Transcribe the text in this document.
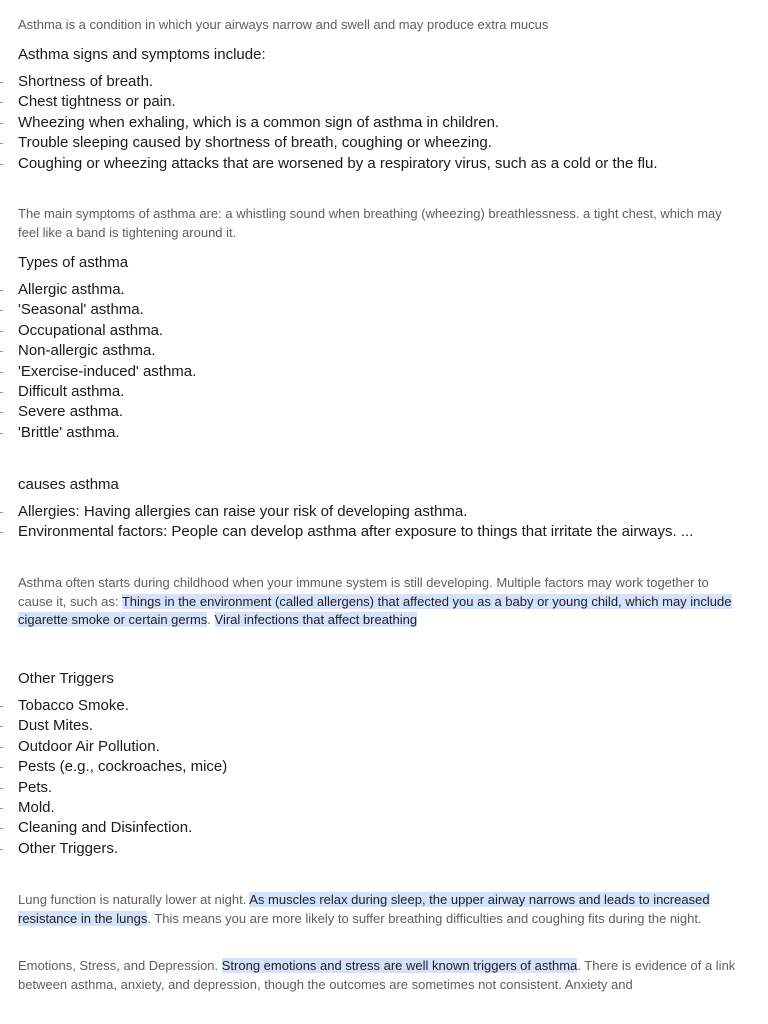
Asthma is a condition in which your airways narrow and swell and may produce extra mucus

Asthma signs and symptoms include:
Shortness of breath.
Chest tightness or pain.
Wheezing when exhaling, which is a common sign of asthma in children.
Trouble sleeping caused by shortness of breath, coughing or wheezing.
Coughing or wheezing attacks that are worsened by a respiratory virus, such as a cold or the flu.

The main symptoms of asthma are: a whistling sound when breathing (wheezing) breathlessness. a tight chest, which may feel like a band is tightening around it.

Types of asthma
Allergic asthma.
'Seasonal' asthma.
Occupational asthma.
Non-allergic asthma.
'Exercise-induced' asthma.
Difficult asthma.
Severe asthma.
'Brittle' asthma.
causes asthma
Allergies: Having allergies can raise your risk of developing asthma.
Environmental factors: People can develop asthma after exposure to things that irritate the airways. ...

Asthma often starts during childhood when your immune system is still developing. Multiple factors may work together to cause it, such as: Things in the environment (called allergens) that affected you as a baby or young child, which may include cigarette smoke or certain germs. Viral infections that affect breathing

Other Triggers
Tobacco Smoke.
Dust Mites.
Outdoor Air Pollution.
Pests (e.g., cockroaches, mice)
Pets.
Mold.
Cleaning and Disinfection.
Other Triggers.

Lung function is naturally lower at night. As muscles relax during sleep, the upper airway narrows and leads to increased resistance in the lungs. This means you are more likely to suffer breathing difficulties and coughing fits during the night.

Emotions, Stress, and Depression. Strong emotions and stress are well known triggers of asthma. There is evidence of a link between asthma, anxiety, and depression, though the outcomes are sometimes not consistent. Anxiety and
